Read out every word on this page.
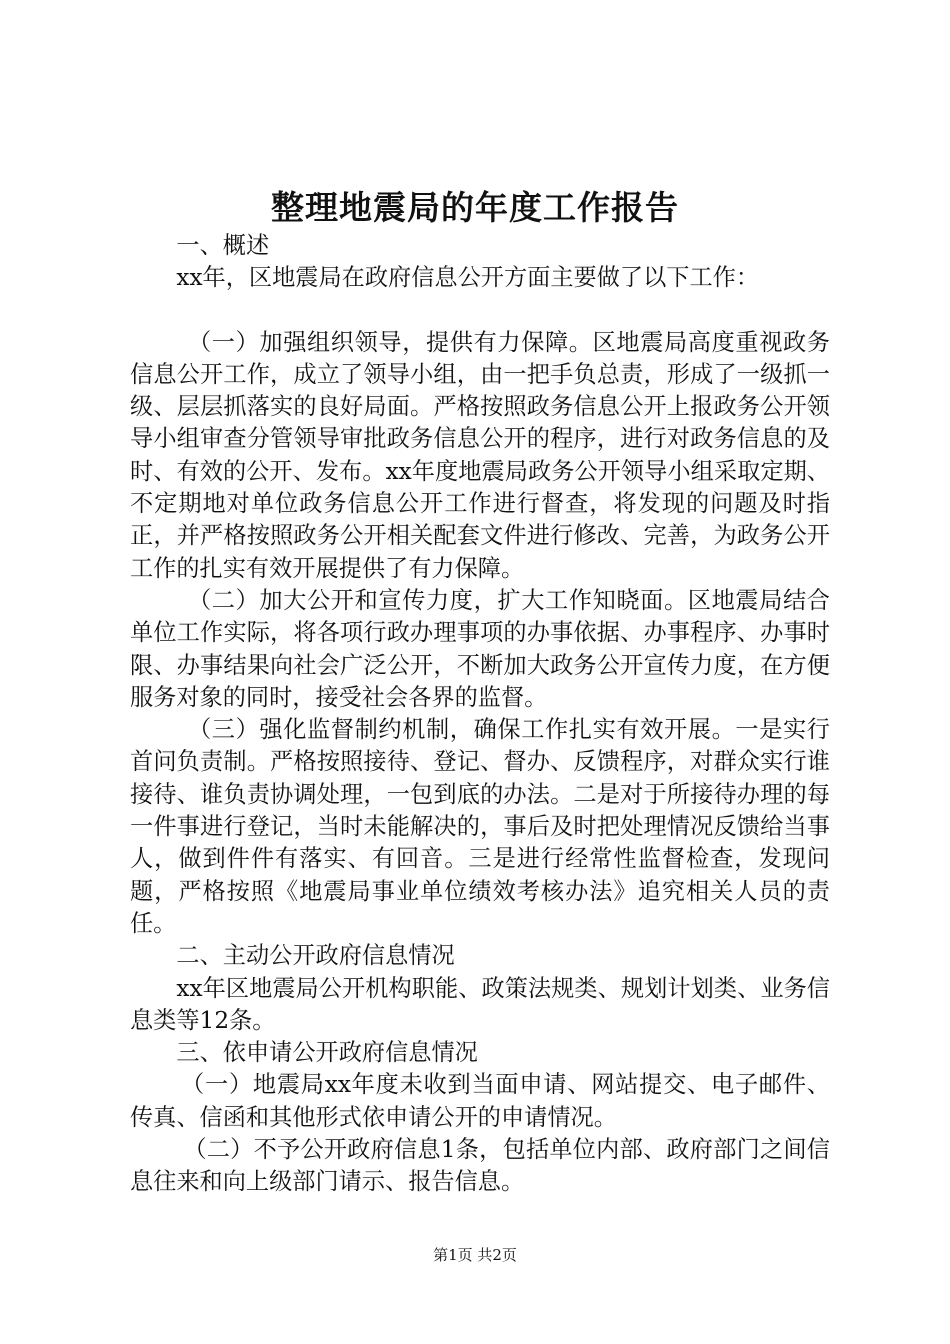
整理地震局的年度工作报告

一、概述

xx年，区地震局在政府信息公开方面主要做了以下工作：

（一）加强组织领导，提供有力保障。区地震局高度重视政务信息公开工作，成立了领导小组，由一把手负总责，形成了一级抓一级、层层抓落实的良好局面。严格按照政务信息公开上报政务公开领导小组审查分管领导审批政务信息公开的程序，进行对政务信息的及时、有效的公开、发布。xx年度地震局政务公开领导小组采取定期、不定期地对单位政务信息公开工作进行督查，将发现的问题及时指正，并严格按照政务公开相关配套文件进行修改、完善，为政务公开工作的扎实有效开展提供了有力保障。

（二）加大公开和宣传力度，扩大工作知晓面。区地震局结合单位工作实际，将各项行政办理事项的办事依据、办事程序、办事时限、办事结果向社会广泛公开，不断加大政务公开宣传力度，在方便服务对象的同时，接受社会各界的监督。

（三）强化监督制约机制，确保工作扎实有效开展。一是实行首问负责制。严格按照接待、登记、督办、反馈程序，对群众实行谁接待、谁负责协调处理，一包到底的办法。二是对于所接待办理的每一件事进行登记，当时未能解决的，事后及时把处理情况反馈给当事人，做到件件有落实、有回音。三是进行经常性监督检查，发现问题，严格按照《地震局事业单位绩效考核办法》追究相关人员的责任。

二、主动公开政府信息情况

xx年区地震局公开机构职能、政策法规类、规划计划类、业务信息类等12条。

三、依申请公开政府信息情况

（一）地震局xx年度未收到当面申请、网站提交、电子邮件、传真、信函和其他形式依申请公开的申请情况。

（二）不予公开政府信息1条，包括单位内部、政府部门之间信息往来和向上级部门请示、报告信息。

第1页 共2页
